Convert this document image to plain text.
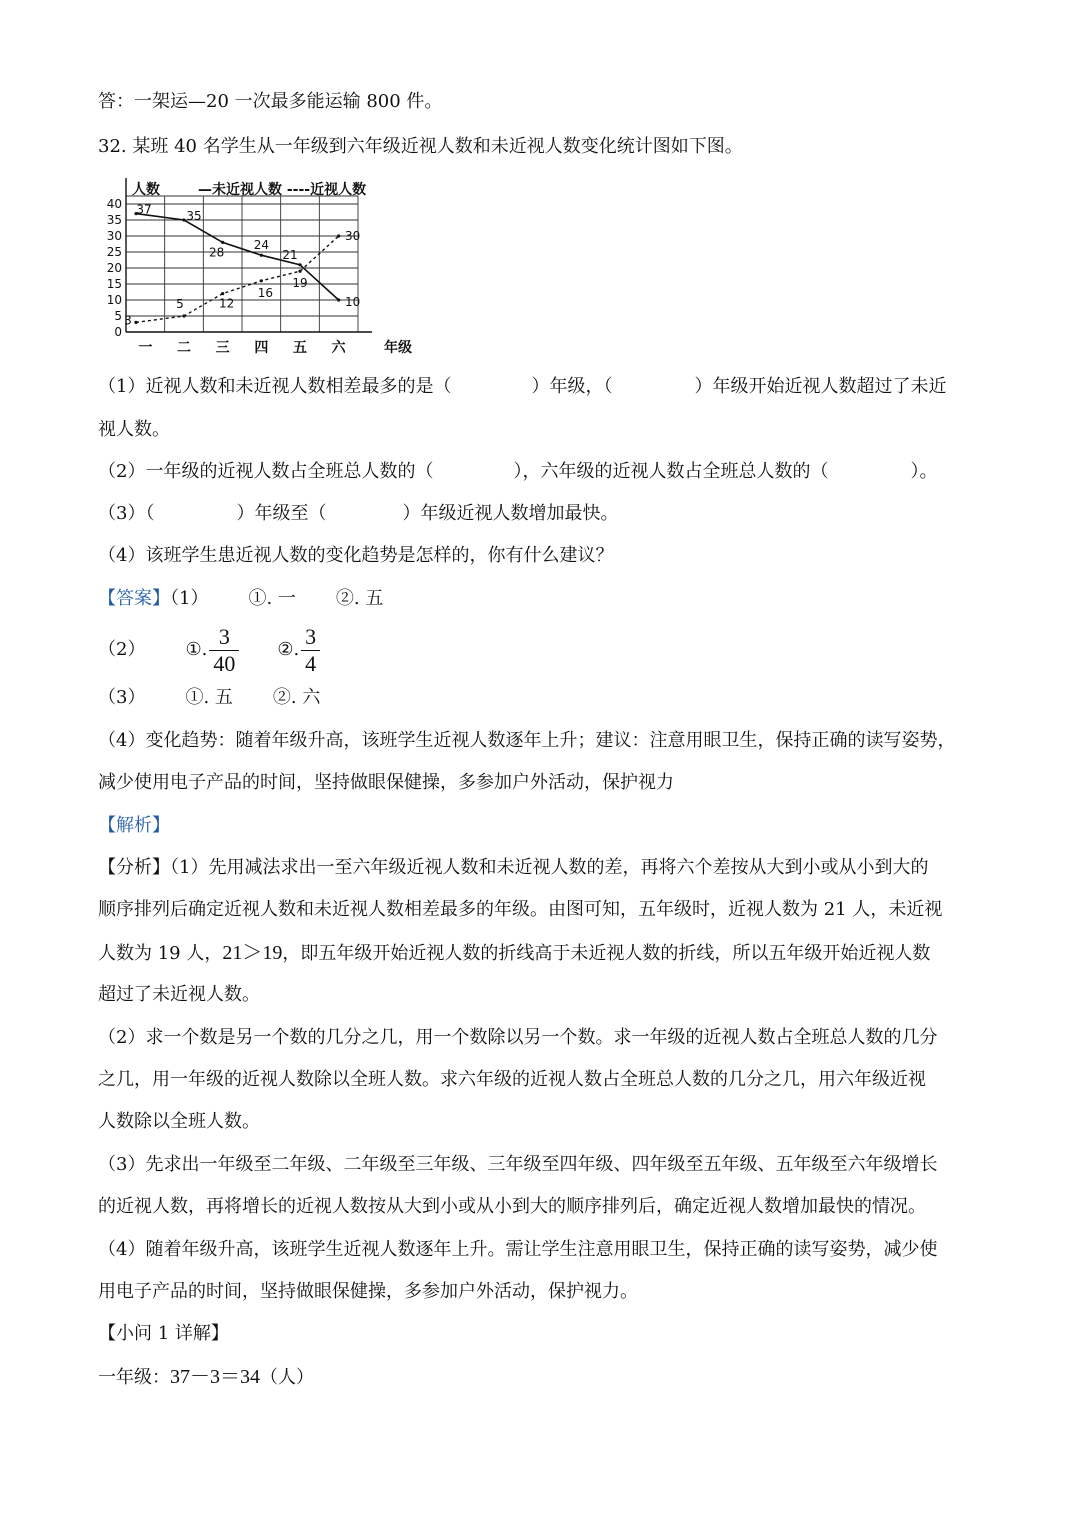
答：一架运—20 一次最多能运输 800 件。
32. 某班 40 名学生从一年级到六年级近视人数和未近视人数变化统计图如下图。
0
5
10
15
20
25
30
35
40
一 二 三 四 五 六	年级
人数	—未近视人数 ----近视人数
37	35
28
24
21
10
3
5	12
16
19
30
（1）近视人数和未近视人数相差最多的是（	）年级，（	）年级开始近视人数超过了未近
视人数。
（2）一年级的近视人数占全班总人数的（	），六年级的近视人数占全班总人数的（	）。
（3）（	）年级至（	）年级近视人数增加最快。
（4）该班学生患近视人数的变化趋势是怎样的，你有什么建议？
【答案】（1） ①. 一 ②. 五
（2） ①. $\frac{3}{40}$ ②. $\frac{3}{4}$
（3） ①. 五 ②. 六
（4）变化趋势：随着年级升高，该班学生近视人数逐年上升；建议：注意用眼卫生，保持正确的读写姿势，
减少使用电子产品的时间，坚持做眼保健操，多参加户外活动，保护视力
【解析】
【分析】（1）先用减法求出一至六年级近视人数和未近视人数的差，再将六个差按从大到小或从小到大的
顺序排列后确定近视人数和未近视人数相差最多的年级。由图可知，五年级时，近视人数为 21 人，未近视
人数为 19 人，21＞19，即五年级开始近视人数的折线高于未近视人数的折线，所以五年级开始近视人数
超过了未近视人数。
（2）求一个数是另一个数的几分之几，用一个数除以另一个数。求一年级的近视人数占全班总人数的几分
之几，用一年级的近视人数除以全班人数。求六年级的近视人数占全班总人数的几分之几，用六年级近视
人数除以全班人数。
（3）先求出一年级至二年级、二年级至三年级、三年级至四年级、四年级至五年级、五年级至六年级增长
的近视人数，再将增长的近视人数按从大到小或从小到大的顺序排列后，确定近视人数增加最快的情况。
（4）随着年级升高，该班学生近视人数逐年上升。需让学生注意用眼卫生，保持正确的读写姿势，减少使
用电子产品的时间，坚持做眼保健操，多参加户外活动，保护视力。
【小问 1 详解】
一年级：37－3＝34（人）
